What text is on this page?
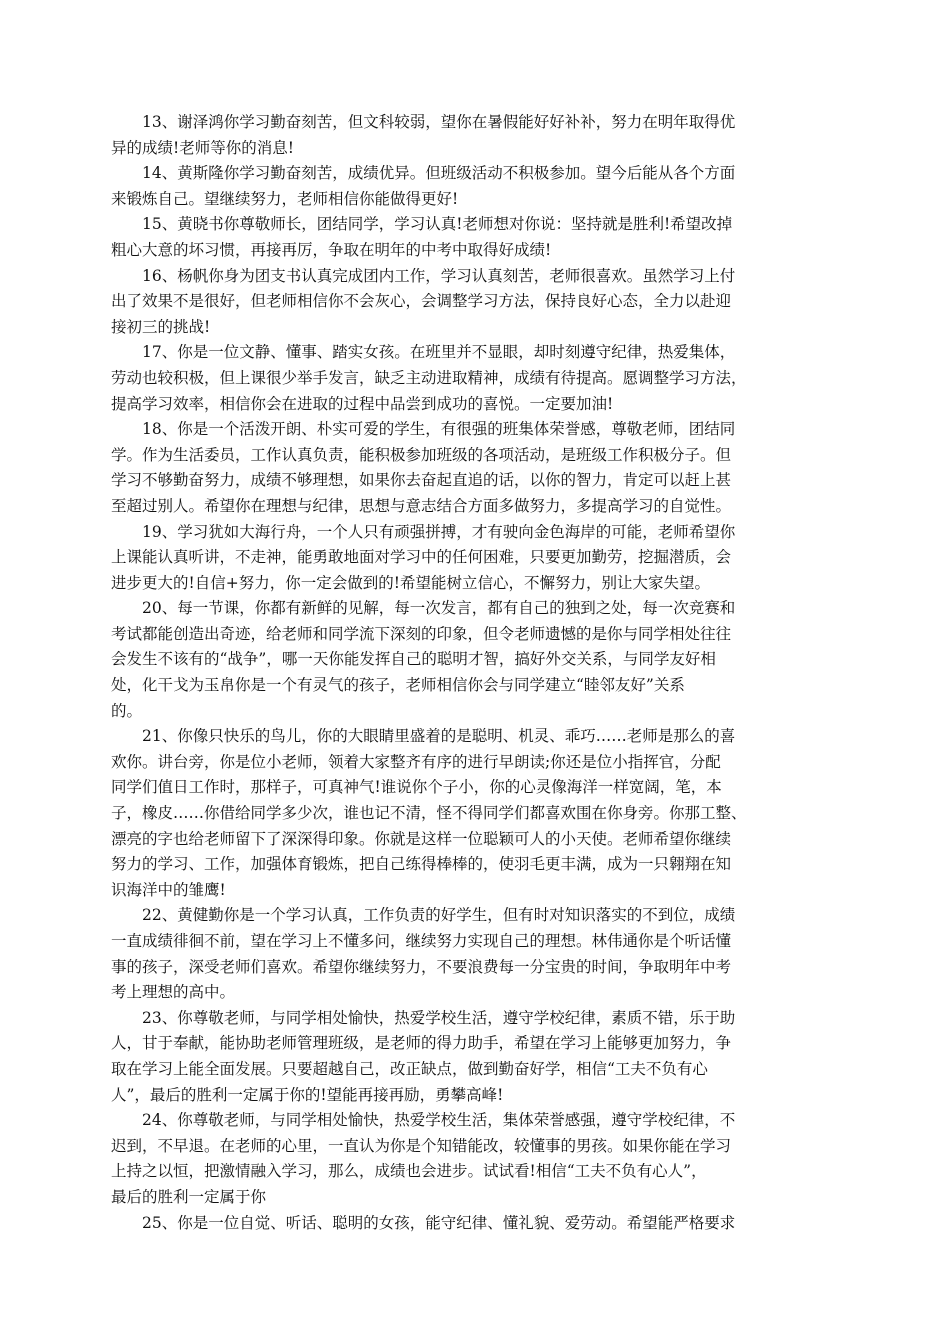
13、谢泽鸿你学习勤奋刻苦，但文科较弱，望你在暑假能好好补补，努力在明年取得优
异的成绩!老师等你的消息!

14、黄斯隆你学习勤奋刻苦，成绩优异。但班级活动不积极参加。望今后能从各个方面
来锻炼自己。望继续努力，老师相信你能做得更好!

15、黄晓书你尊敬师长，团结同学，学习认真!老师想对你说：坚持就是胜利!希望改掉
粗心大意的坏习惯，再接再厉，争取在明年的中考中取得好成绩!

16、杨帆你身为团支书认真完成团内工作，学习认真刻苦，老师很喜欢。虽然学习上付
出了效果不是很好，但老师相信你不会灰心，会调整学习方法，保持良好心态，全力以赴迎
接初三的挑战!

17、你是一位文静、懂事、踏实女孩。在班里并不显眼，却时刻遵守纪律，热爱集体，
劳动也较积极，但上课很少举手发言，缺乏主动进取精神，成绩有待提高。愿调整学习方法，
提高学习效率，相信你会在进取的过程中品尝到成功的喜悦。一定要加油!

18、你是一个活泼开朗、朴实可爱的学生，有很强的班集体荣誉感，尊敬老师，团结同
学。作为生活委员，工作认真负责，能积极参加班级的各项活动，是班级工作积极分子。但
学习不够勤奋努力，成绩不够理想，如果你去奋起直追的话，以你的智力，肯定可以赶上甚
至超过别人。希望你在理想与纪律，思想与意志结合方面多做努力，多提高学习的自觉性。

19、学习犹如大海行舟，一个人只有顽强拼搏，才有驶向金色海岸的可能，老师希望你
上课能认真听讲，不走神，能勇敢地面对学习中的任何困难，只要更加勤劳，挖掘潜质，会
进步更大的!自信+努力，你一定会做到的!希望能树立信心，不懈努力，别让大家失望。

20、每一节课，你都有新鲜的见解，每一次发言，都有自己的独到之处，每一次竞赛和
考试都能创造出奇迹，给老师和同学流下深刻的印象，但令老师遗憾的是你与同学相处往往
会发生不该有的“战争”，哪一天你能发挥自己的聪明才智，搞好外交关系，与同学友好相
处，化干戈为玉帛你是一个有灵气的孩子，老师相信你会与同学建立“睦邻友好”关系
的。

21、你像只快乐的鸟儿，你的大眼睛里盛着的是聪明、机灵、乖巧……老师是那么的喜
欢你。讲台旁，你是位小老师，领着大家整齐有序的进行早朗读;你还是位小指挥官，分配
同学们值日工作时，那样子，可真神气!谁说你个子小，你的心灵像海洋一样宽阔，笔，本
子，橡皮……你借给同学多少次，谁也记不清，怪不得同学们都喜欢围在你身旁。你那工整、
漂亮的字也给老师留下了深深得印象。你就是这样一位聪颖可人的小天使。老师希望你继续
努力的学习、工作，加强体育锻炼，把自己练得棒棒的，使羽毛更丰满，成为一只翱翔在知
识海洋中的雏鹰!

22、黄健勤你是一个学习认真，工作负责的好学生，但有时对知识落实的不到位，成绩
一直成绩徘徊不前，望在学习上不懂多问，继续努力实现自己的理想。林伟通你是个听话懂
事的孩子，深受老师们喜欢。希望你继续努力，不要浪费每一分宝贵的时间，争取明年中考
考上理想的高中。

23、你尊敬老师，与同学相处愉快，热爱学校生活，遵守学校纪律，素质不错，乐于助
人，甘于奉献，能协助老师管理班级，是老师的得力助手，希望在学习上能够更加努力，争
取在学习上能全面发展。只要超越自己，改正缺点，做到勤奋好学，相信“工夫不负有心
人”，最后的胜利一定属于你的!望能再接再励，勇攀高峰!

24、你尊敬老师，与同学相处愉快，热爱学校生活，集体荣誉感强，遵守学校纪律，不
迟到，不早退。在老师的心里，一直认为你是个知错能改，较懂事的男孩。如果你能在学习
上持之以恒，把激情融入学习，那么，成绩也会进步。试试看!相信“工夫不负有心人”，
最后的胜利一定属于你

25、你是一位自觉、听话、聪明的女孩，能守纪律、懂礼貌、爱劳动。希望能严格要求
